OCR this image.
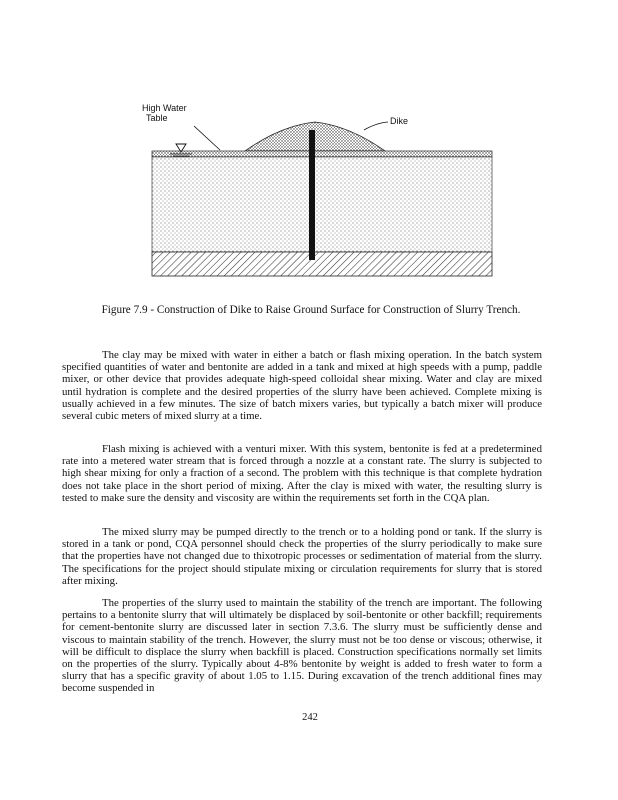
High Water
Table	Dike
Figure 7.9 - Construction of Dike to Raise Ground Surface for Construction of Slurry Trench.

The clay may be mixed with water in either a batch or flash mixing operation. In the batch system specified quantities of water and bentonite are added in a tank and mixed at high speeds with a pump, paddle mixer, or other device that provides adequate high-speed colloidal shear mixing. Water and clay are mixed until hydration is complete and the desired properties of the slurry have been achieved. Complete mixing is usually achieved in a few minutes. The size of batch mixers varies, but typically a batch mixer will produce several cubic meters of mixed slurry at a time.

Flash mixing is achieved with a venturi mixer. With this system, bentonite is fed at a predetermined rate into a metered water stream that is forced through a nozzle at a constant rate. The slurry is subjected to high shear mixing for only a fraction of a second. The problem with this technique is that complete hydration does not take place in the short period of mixing. After the clay is mixed with water, the resulting slurry is tested to make sure the density and viscosity are within the requirements set forth in the CQA plan.

The mixed slurry may be pumped directly to the trench or to a holding pond or tank. If the slurry is stored in a tank or pond, CQA personnel should check the properties of the slurry periodically to make sure that the properties have not changed due to thixotropic processes or sedimentation of material from the slurry. The specifications for the project should stipulate mixing or circulation requirements for slurry that is stored after mixing.

The properties of the slurry used to maintain the stability of the trench are important. The following pertains to a bentonite slurry that will ultimately be displaced by soil-bentonite or other backfill; requirements for cement-bentonite slurry are discussed later in section 7.3.6. The slurry must be sufficiently dense and viscous to maintain stability of the trench. However, the slurry must not be too dense or viscous; otherwise, it will be difficult to displace the slurry when backfill is placed. Construction specifications normally set limits on the properties of the slurry. Typically about 4-8% bentonite by weight is added to fresh water to form a slurry that has a specific gravity of about 1.05 to 1.15. During excavation of the trench additional fines may become suspended in

242
